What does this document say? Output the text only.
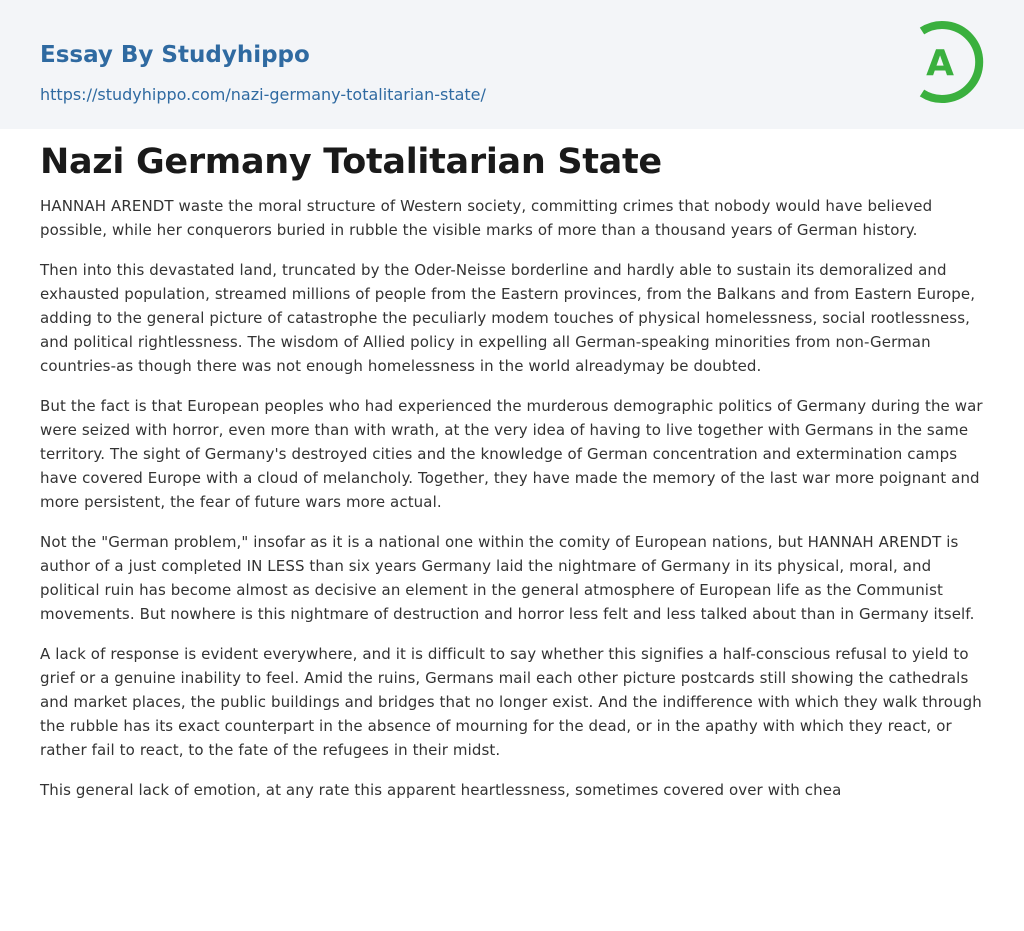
Essay By Studyhippo
https://studyhippo.com/nazi-germany-totalitarian-state/
A
Nazi Germany Totalitarian State

HANNAH ARENDT waste the moral structure of Western society, committing crimes that nobody would have believed possible, while her conquerors buried in rubble the visible marks of more than a thousand years of German history.

Then into this devastated land, truncated by the Oder-Neisse borderline and hardly able to sustain its demoralized and exhausted population, streamed millions of people from the Eastern provinces, from the Balkans and from Eastern Europe, adding to the general picture of catastrophe the peculiarly modem touches of physical homelessness, social rootlessness, and political rightlessness. The wisdom of Allied policy in expelling all German-speaking minorities from non-German countries-as though there was not enough homelessness in the world alreadymay be doubted.

But the fact is that European peoples who had experienced the murderous demographic politics of Germany during the war were seized with horror, even more than with wrath, at the very idea of having to live together with Germans in the same territory. The sight of Germany's destroyed cities and the knowledge of German concentration and extermination camps have covered Europe with a cloud of melancholy. Together, they have made the memory of the last war more poignant and more persistent, the fear of future wars more actual.

Not the "German problem," insofar as it is a national one within the comity of European nations, but HANNAH ARENDT is author of a just completed IN LESS than six years Germany laid the nightmare of Germany in its physical, moral, and political ruin has become almost as decisive an element in the general atmosphere of European life as the Communist movements. But nowhere is this nightmare of destruction and horror less felt and less talked about than in Germany itself.

A lack of response is evident everywhere, and it is difficult to say whether this signifies a half-conscious refusal to yield to grief or a genuine inability to feel. Amid the ruins, Germans mail each other picture postcards still showing the cathedrals and market places, the public buildings and bridges that no longer exist. And the indifference with which they walk through the rubble has its exact counterpart in the absence of mourning for the dead, or in the apathy with which they react, or rather fail to react, to the fate of the refugees in their midst.

This general lack of emotion, at any rate this apparent heartlessness, sometimes covered over with chea
